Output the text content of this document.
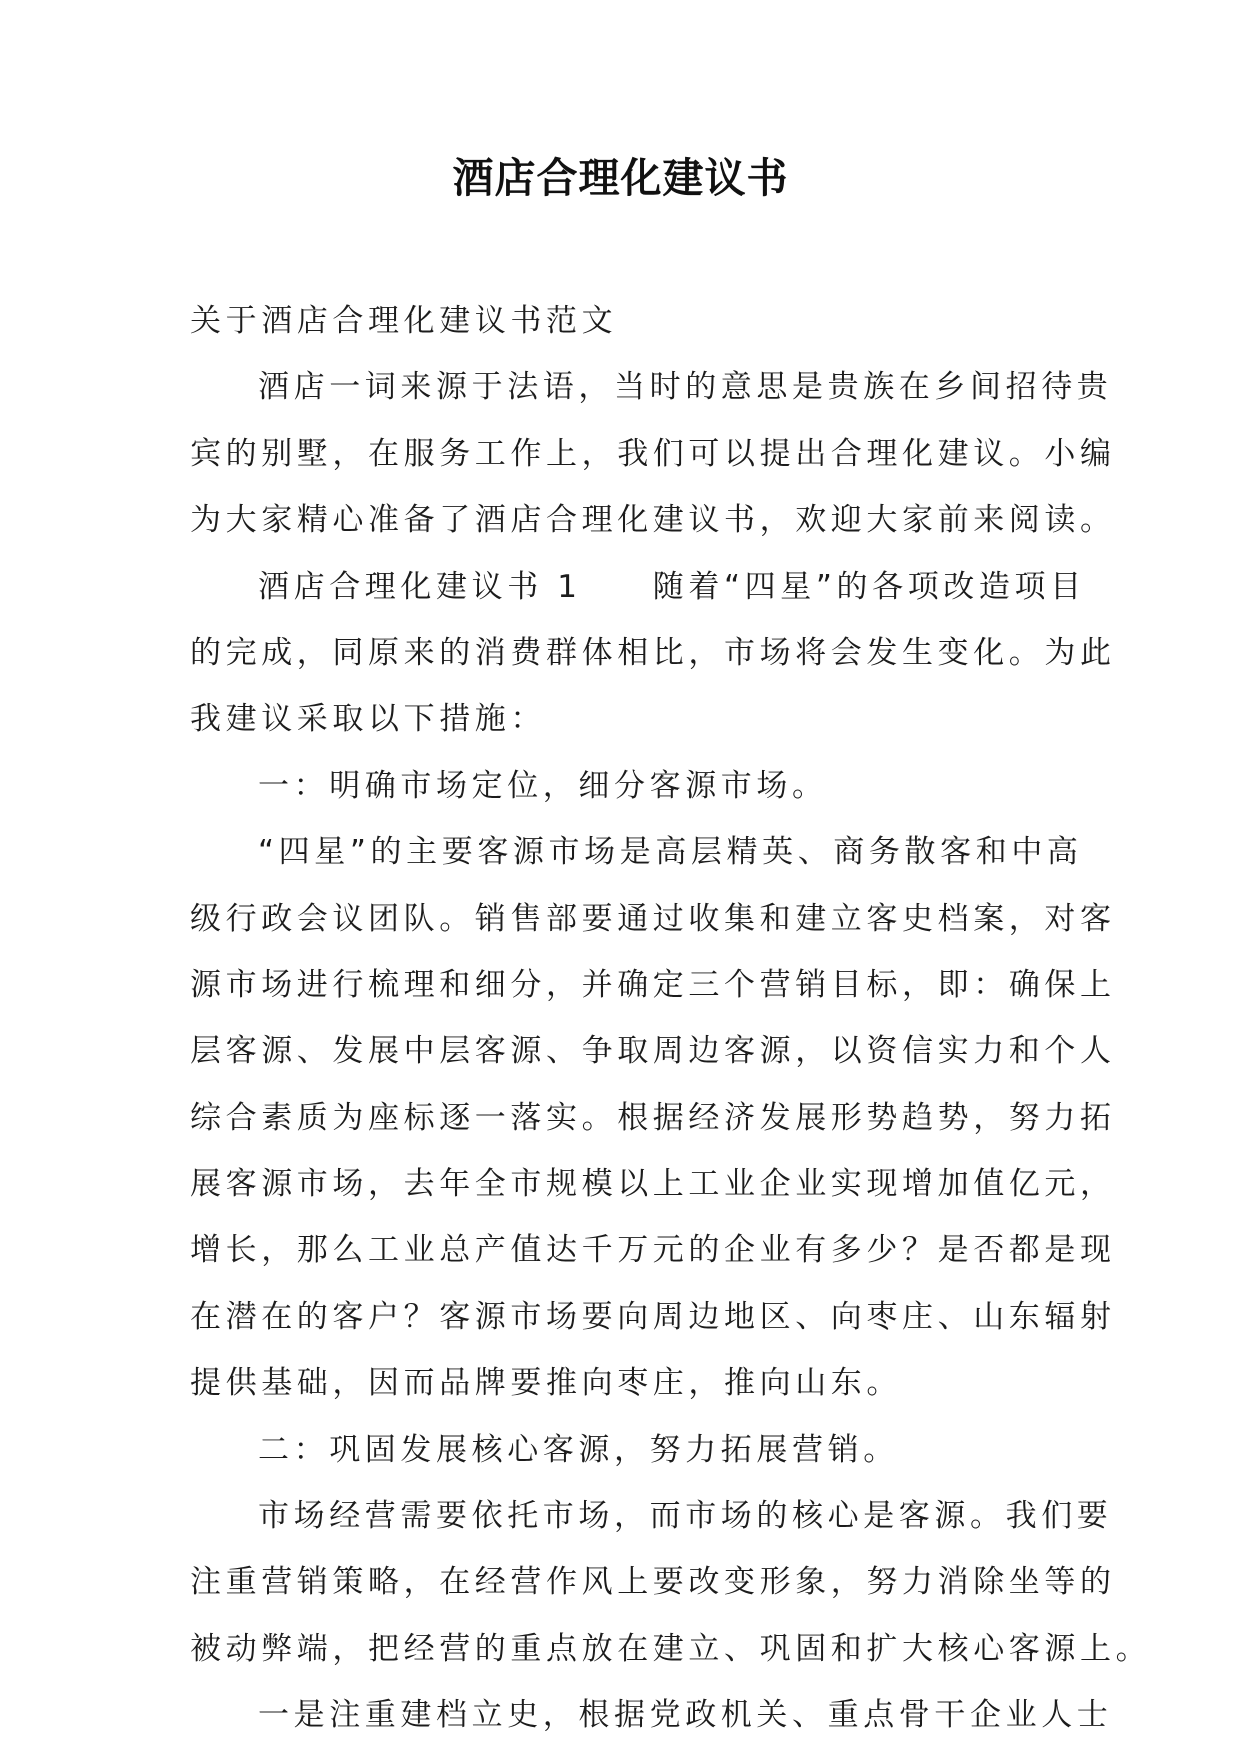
酒店合理化建议书
关于酒店合理化建议书范文
酒店一词来源于法语，当时的意思是贵族在乡间招待贵
宾的别墅，在服务工作上，我们可以提出合理化建议。小编
为大家精心准备了酒店合理化建议书，欢迎大家前来阅读。
酒店合理化建议书 1　　随着“四星”的各项改造项目
的完成，同原来的消费群体相比，市场将会发生变化。为此
我建议采取以下措施：
一：明确市场定位，细分客源市场。
“四星”的主要客源市场是高层精英、商务散客和中高
级行政会议团队。销售部要通过收集和建立客史档案，对客
源市场进行梳理和细分，并确定三个营销目标，即：确保上
层客源、发展中层客源、争取周边客源，以资信实力和个人
综合素质为座标逐一落实。根据经济发展形势趋势，努力拓
展客源市场，去年全市规模以上工业企业实现增加值亿元，
增长，那么工业总产值达千万元的企业有多少？是否都是现
在潜在的客户？客源市场要向周边地区、向枣庄、山东辐射
提供基础，因而品牌要推向枣庄，推向山东。
二：巩固发展核心客源，努力拓展营销。
市场经营需要依托市场，而市场的核心是客源。我们要
注重营销策略，在经营作风上要改变形象，努力消除坐等的
被动弊端，把经营的重点放在建立、巩固和扩大核心客源上。
一是注重建档立史，根据党政机关、重点骨干企业人士
